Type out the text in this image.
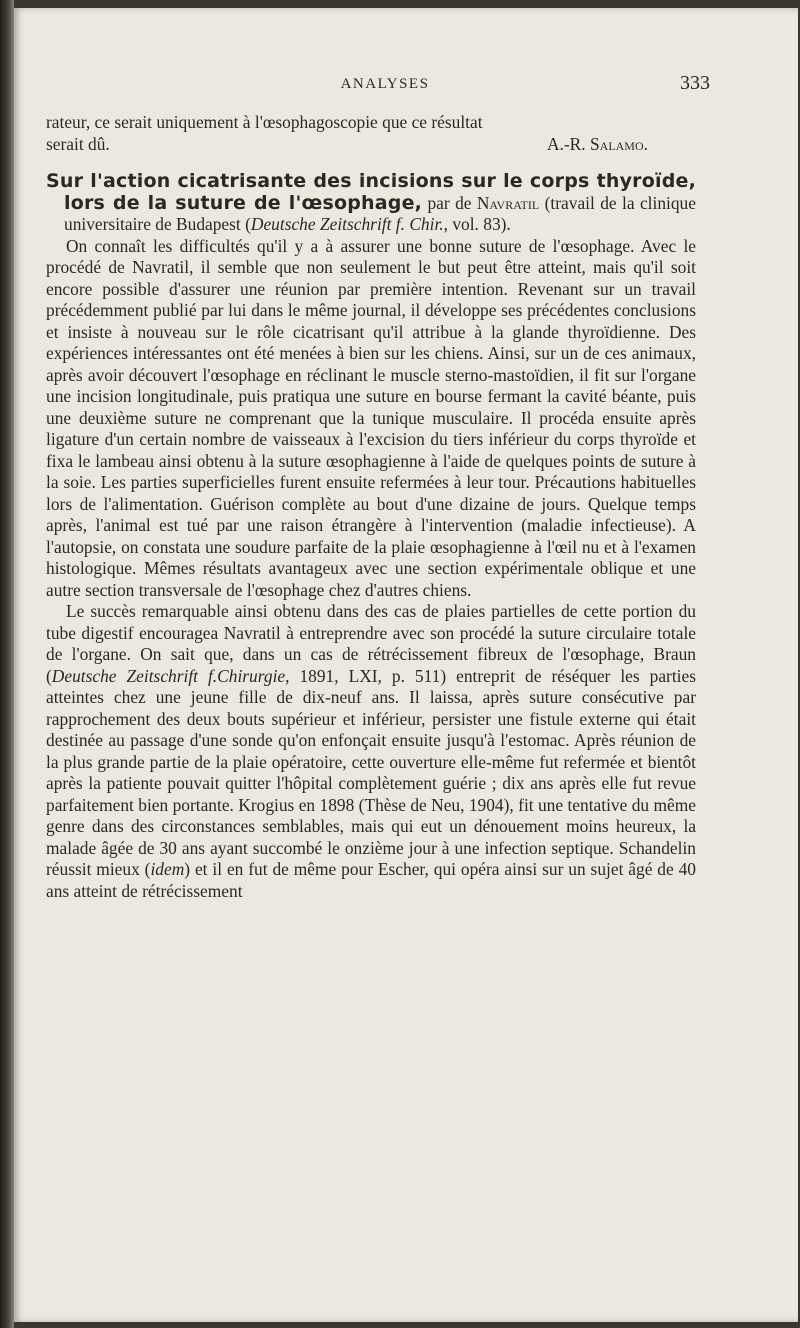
ANALYSES	333

rateur, ce serait uniquement à l'œsophagoscopie que ce résultat

serait dû.	A.-R. Salamo.

Sur l'action cicatrisante des incisions sur le corps thyroïde, lors de la suture de l'œsophage, par de Navratil (travail de la clinique universitaire de Budapest (Deutsche Zeitschrift f. Chir., vol. 83).

On connaît les difficultés qu'il y a à assurer une bonne suture de l'œsophage. Avec le procédé de Navratil, il semble que non seulement le but peut être atteint, mais qu'il soit encore possible d'assurer une réunion par première intention. Revenant sur un travail précédemment publié par lui dans le même journal, il développe ses précédentes conclusions et insiste à nouveau sur le rôle cicatrisant qu'il attribue à la glande thyroïdienne. Des expériences intéressantes ont été menées à bien sur les chiens. Ainsi, sur un de ces animaux, après avoir découvert l'œsophage en réclinant le muscle sterno-mastoïdien, il fit sur l'organe une incision longitudinale, puis pratiqua une suture en bourse fermant la cavité béante, puis une deuxième suture ne comprenant que la tunique musculaire. Il procéda ensuite après ligature d'un certain nombre de vaisseaux à l'excision du tiers inférieur du corps thyroïde et fixa le lambeau ainsi obtenu à la suture œsophagienne à l'aide de quelques points de suture à la soie. Les parties superficielles furent ensuite refermées à leur tour. Précautions habituelles lors de l'alimentation. Guérison complète au bout d'une dizaine de jours. Quelque temps après, l'animal est tué par une raison étrangère à l'intervention (maladie infectieuse). A l'autopsie, on constata une soudure parfaite de la plaie œsophagienne à l'œil nu et à l'examen histologique. Mêmes résultats avantageux avec une section expérimentale oblique et une autre section transversale de l'œsophage chez d'autres chiens.

Le succès remarquable ainsi obtenu dans des cas de plaies partielles de cette portion du tube digestif encouragea Navratil à entreprendre avec son procédé la suture circulaire totale de l'organe. On sait que, dans un cas de rétrécissement fibreux de l'œsophage, Braun (Deutsche Zeitschrift f.Chirurgie, 1891, LXI, p. 511) entreprit de réséquer les parties atteintes chez une jeune fille de dix-neuf ans. Il laissa, après suture consécutive par rapprochement des deux bouts supérieur et inférieur, persister une fistule externe qui était destinée au passage d'une sonde qu'on enfonçait ensuite jusqu'à l'estomac. Après réunion de la plus grande partie de la plaie opératoire, cette ouverture elle-même fut refermée et bientôt après la patiente pouvait quitter l'hôpital complètement guérie ; dix ans après elle fut revue parfaitement bien portante. Krogius en 1898 (Thèse de Neu, 1904), fit une tentative du même genre dans des circonstances semblables, mais qui eut un dénouement moins heureux, la malade âgée de 30 ans ayant succombé le onzième jour à une infection septique. Schandelin réussit mieux (idem) et il en fut de même pour Escher, qui opéra ainsi sur un sujet âgé de 40 ans atteint de rétrécissement
